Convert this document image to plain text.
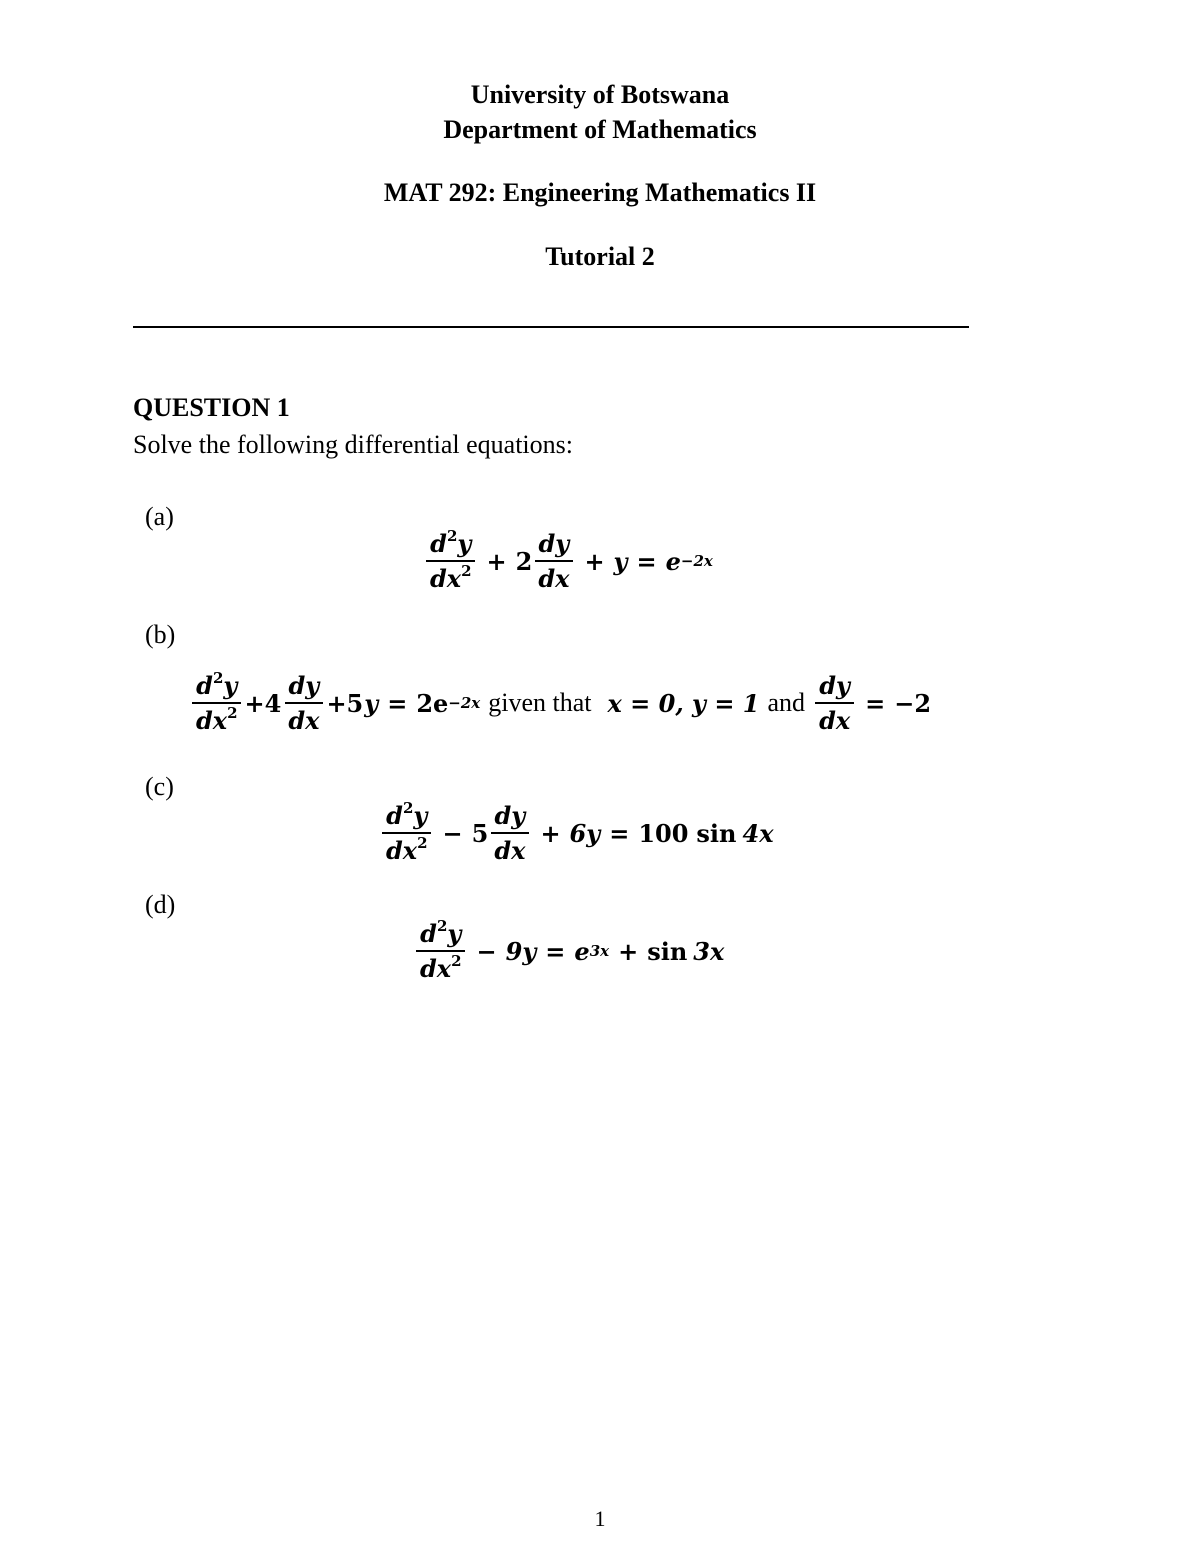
University of Botswana
Department of Mathematics
MAT 292: Engineering Mathematics II
Tutorial 2
QUESTION 1
Solve the following differential equations:
(a)
$\frac{d^2y}{dx^2} + 2 \frac{dy}{dx} + y = e -2x$
(b)
$\frac{d^2y}{dx^2} +4 \frac{dy}{dx} +5$ y = 2e −2x given that x = 0, y = 1 and $\frac{dy}{dx} = -2$
(c)
$\frac{d^2y}{dx^2} - 5 \frac{dy}{dx} + 6y = 100$ sin 4x
(d)
$\frac{d^2y}{dx^2} - 9y = e$ 3x + sin 3x
1
